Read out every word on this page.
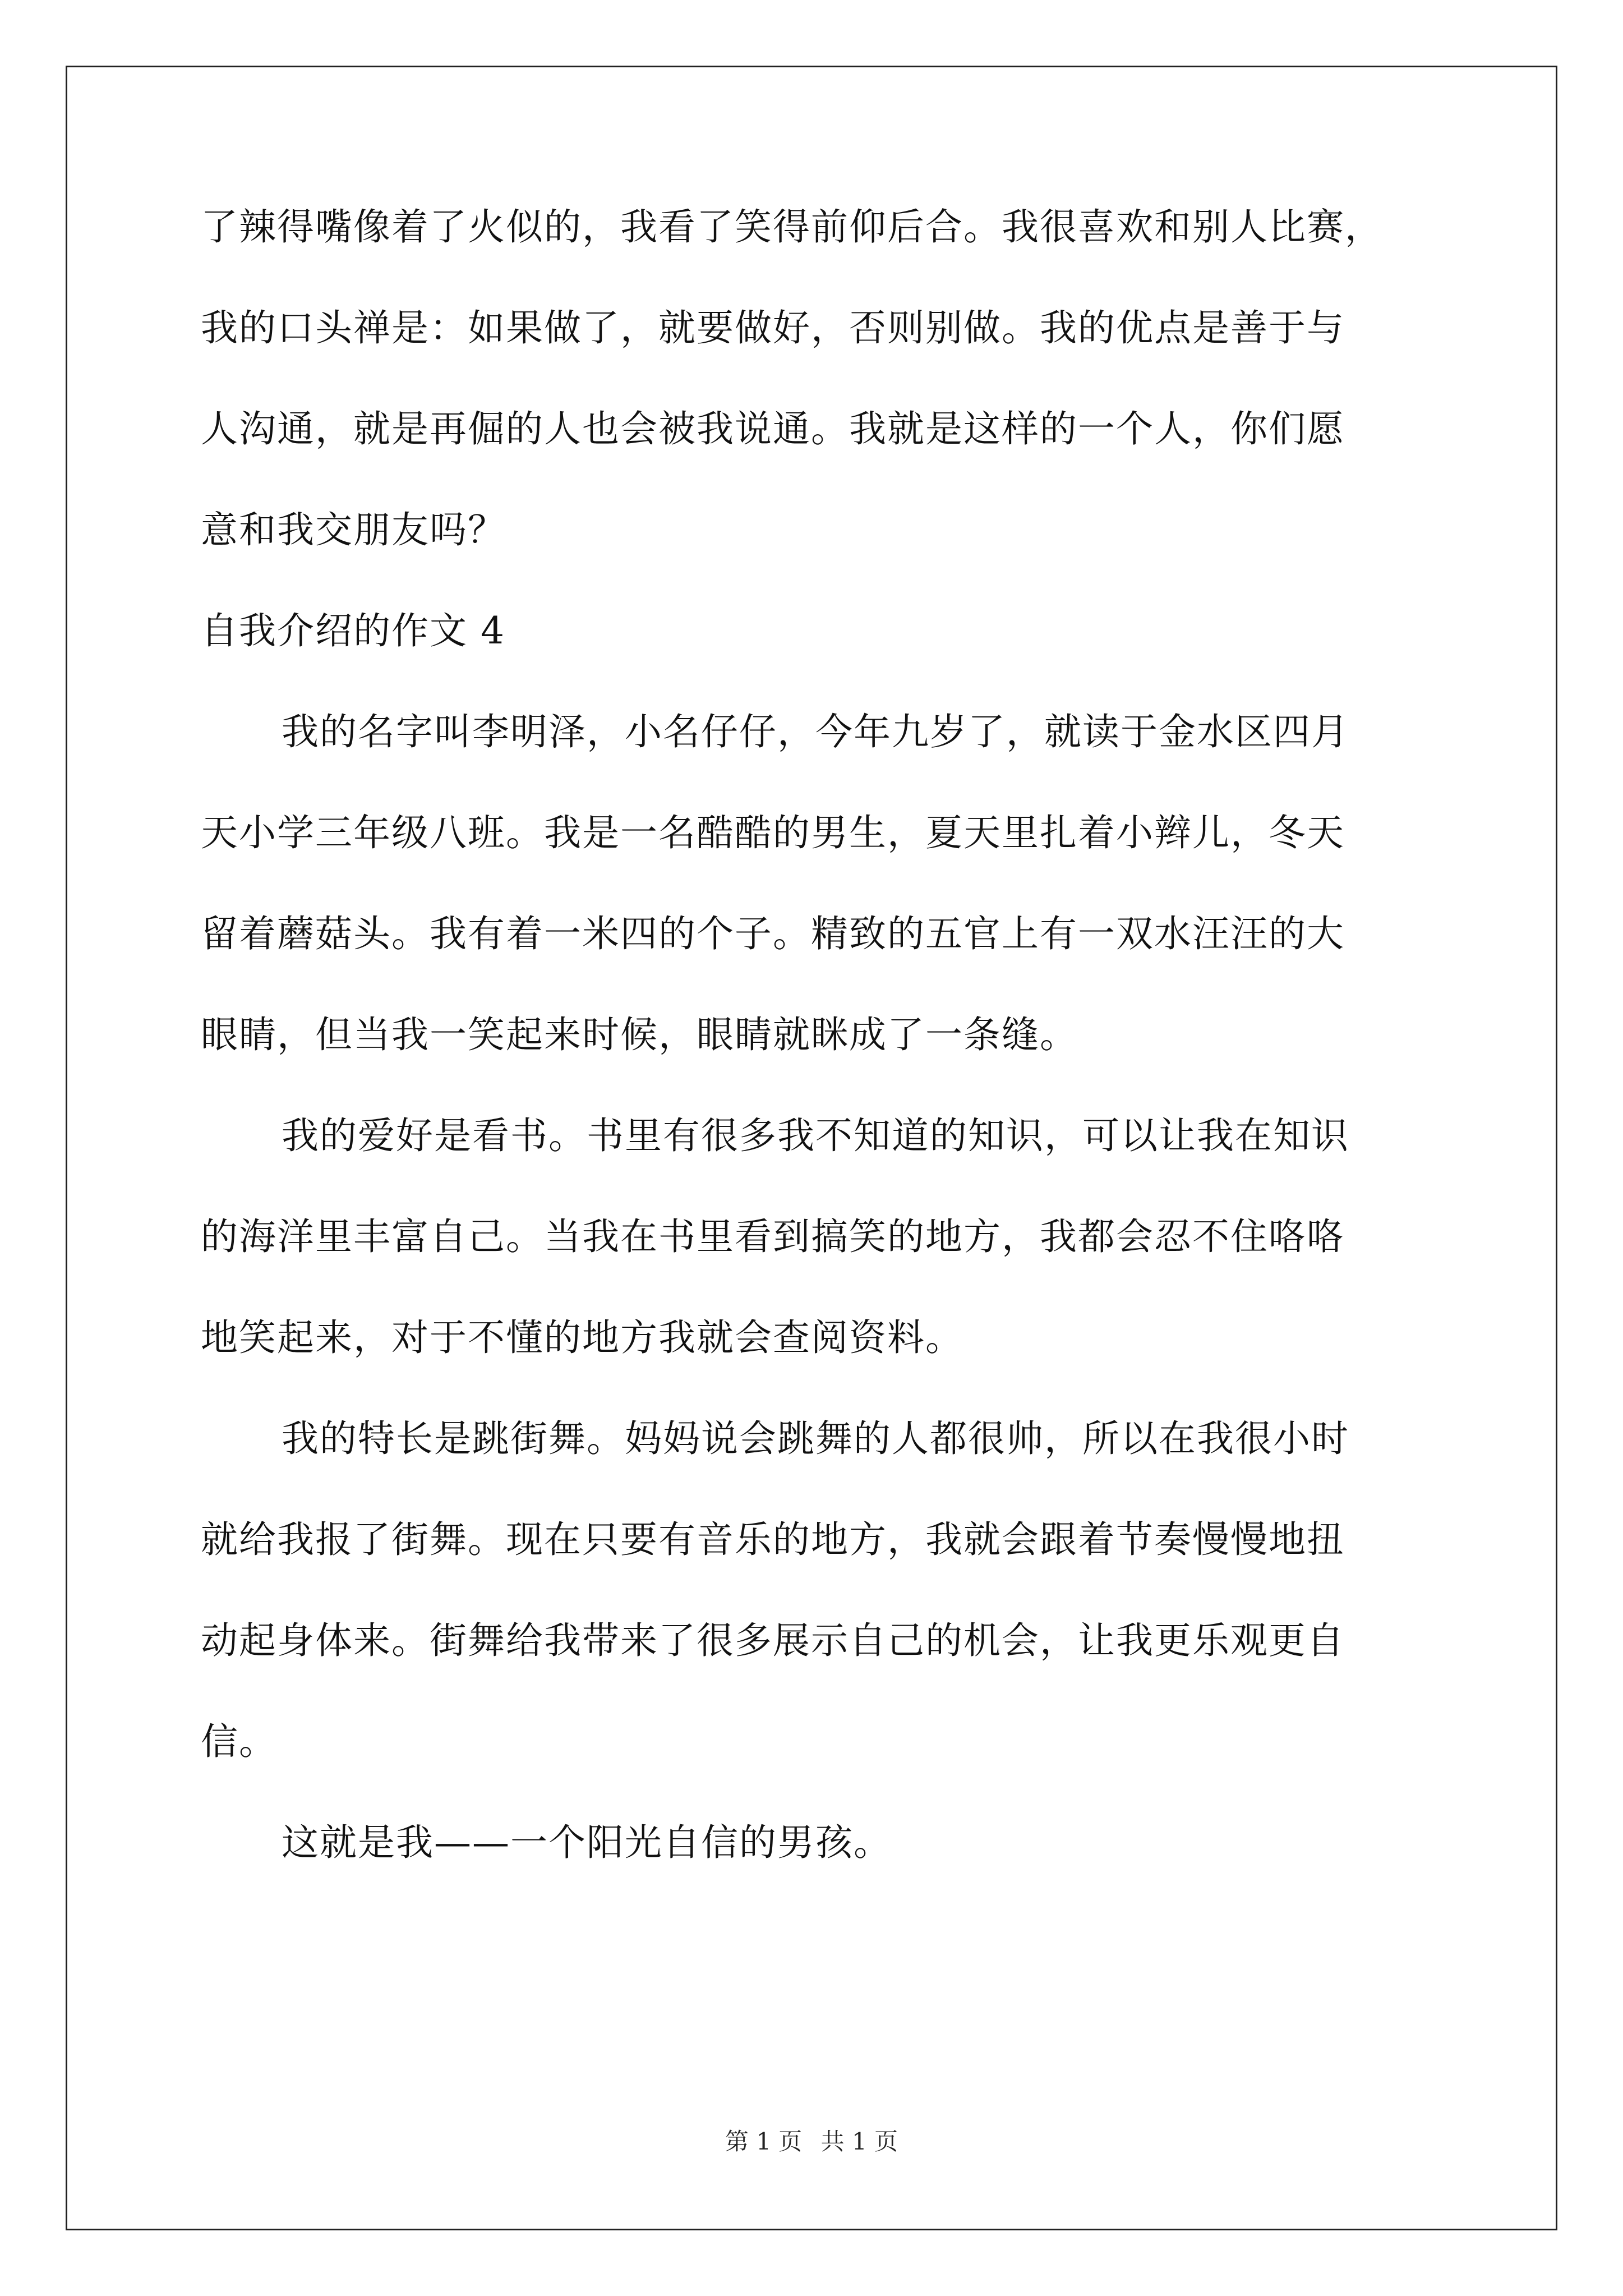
了辣得嘴像着了火似的，我看了笑得前仰后合。我很喜欢和别人比赛，
我的口头禅是：如果做了，就要做好，否则别做。我的优点是善于与
人沟通，就是再倔的人也会被我说通。我就是这样的一个人，你们愿
意和我交朋友吗？
自我介绍的作文 4
我的名字叫李明泽，小名仔仔，今年九岁了，就读于金水区四月
天小学三年级八班。我是一名酷酷的男生，夏天里扎着小辫儿，冬天
留着蘑菇头。我有着一米四的个子。精致的五官上有一双水汪汪的大
眼睛，但当我一笑起来时候，眼睛就眯成了一条缝。
我的爱好是看书。书里有很多我不知道的知识，可以让我在知识
的海洋里丰富自己。当我在书里看到搞笑的地方，我都会忍不住咯咯
地笑起来，对于不懂的地方我就会查阅资料。
我的特长是跳街舞。妈妈说会跳舞的人都很帅，所以在我很小时
就给我报了街舞。现在只要有音乐的地方，我就会跟着节奏慢慢地扭
动起身体来。街舞给我带来了很多展示自己的机会，让我更乐观更自
信。
这就是我——一个阳光自信的男孩。
第 1 页 共 1 页
